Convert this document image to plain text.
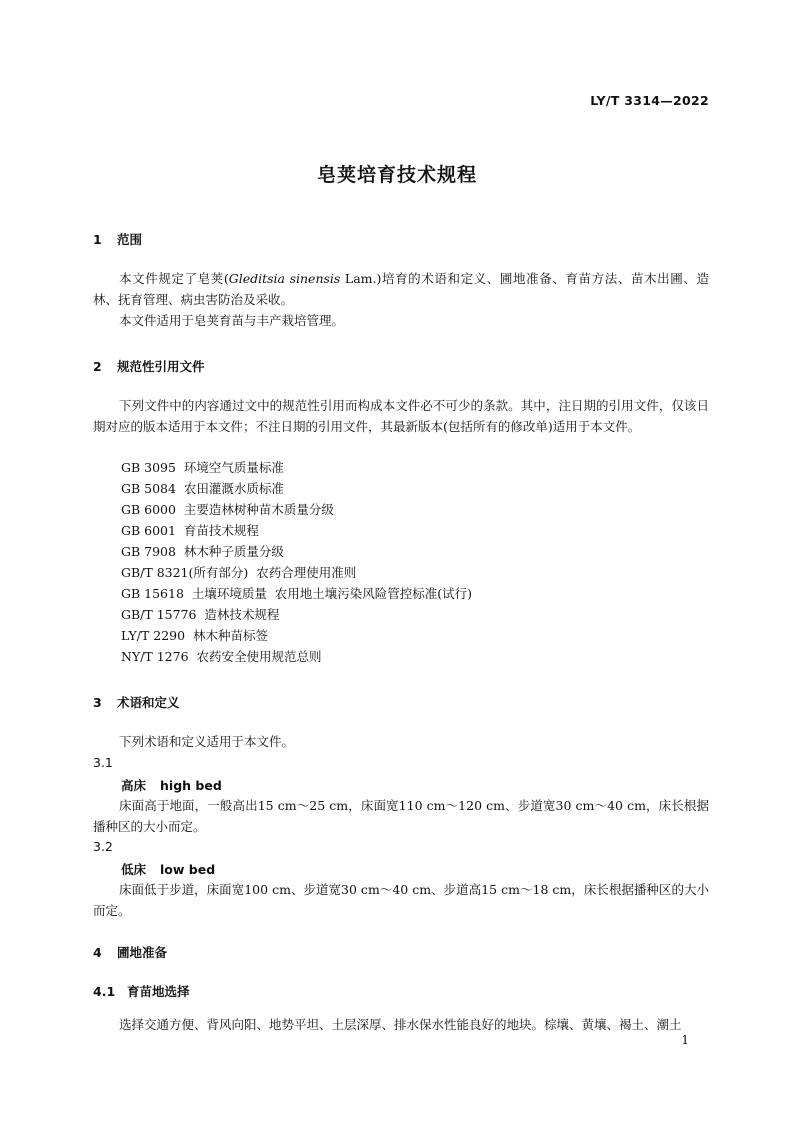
LY/T 3314—2022
皂荚培育技术规程
1 范围
本文件规定了皂荚(Gleditsia sinensis Lam.)培育的术语和定义、圃地准备、育苗方法、苗木出圃、造林、抚育管理、病虫害防治及采收。
本文件适用于皂荚育苗与丰产栽培管理。
2 规范性引用文件
下列文件中的内容通过文中的规范性引用而构成本文件必不可少的条款。其中，注日期的引用文件，仅该日期对应的版本适用于本文件；不注日期的引用文件，其最新版本(包括所有的修改单)适用于本文件。
GB 3095  环境空气质量标准
GB 5084  农田灌溉水质标准
GB 6000  主要造林树种苗木质量分级
GB 6001  育苗技术规程
GB 7908  林木种子质量分级
GB/T 8321(所有部分)  农药合理使用准则
GB 15618  土壤环境质量  农用地土壤污染风险管控标准(试行)
GB/T 15776  造林技术规程
LY/T 2290  林木种苗标签
NY/T 1276  农药安全使用规范总则
3 术语和定义
下列术语和定义适用于本文件。
3.1
高床 high bed
床面高于地面，一般高出15 cm～25 cm，床面宽110 cm～120 cm、步道宽30 cm～40 cm，床长根据播种区的大小而定。
3.2
低床 low bed
床面低于步道，床面宽100 cm、步道宽30 cm～40 cm、步道高15 cm～18 cm，床长根据播种区的大小而定。
4 圃地准备
4.1 育苗地选择
选择交通方便、背风向阳、地势平坦、土层深厚、排水保水性能良好的地块。棕壤、黄壤、褐土、潮土
1
